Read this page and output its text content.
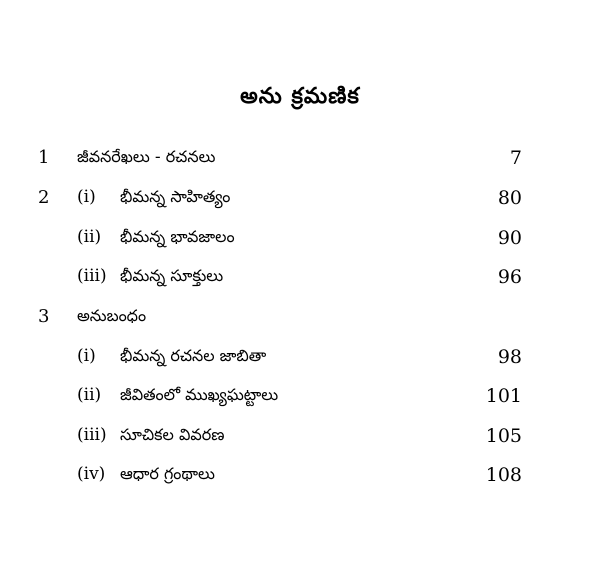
అను క్రమణిక
1 జీవనరేఖలు - రచనలు	7
2 (i) భీమన్న సాహిత్యం	80
(ii) భీమన్న భావజాలం	90
(iii) భీమన్న సూక్తులు	96
3 అనుబంధం
(i) భీమన్న రచనల జాబితా	98
(ii) జీవితంలో ముఖ్యఘట్టాలు	101
(iii) సూచికల వివరణ	105
(iv) ఆధార గ్రంథాలు	108
